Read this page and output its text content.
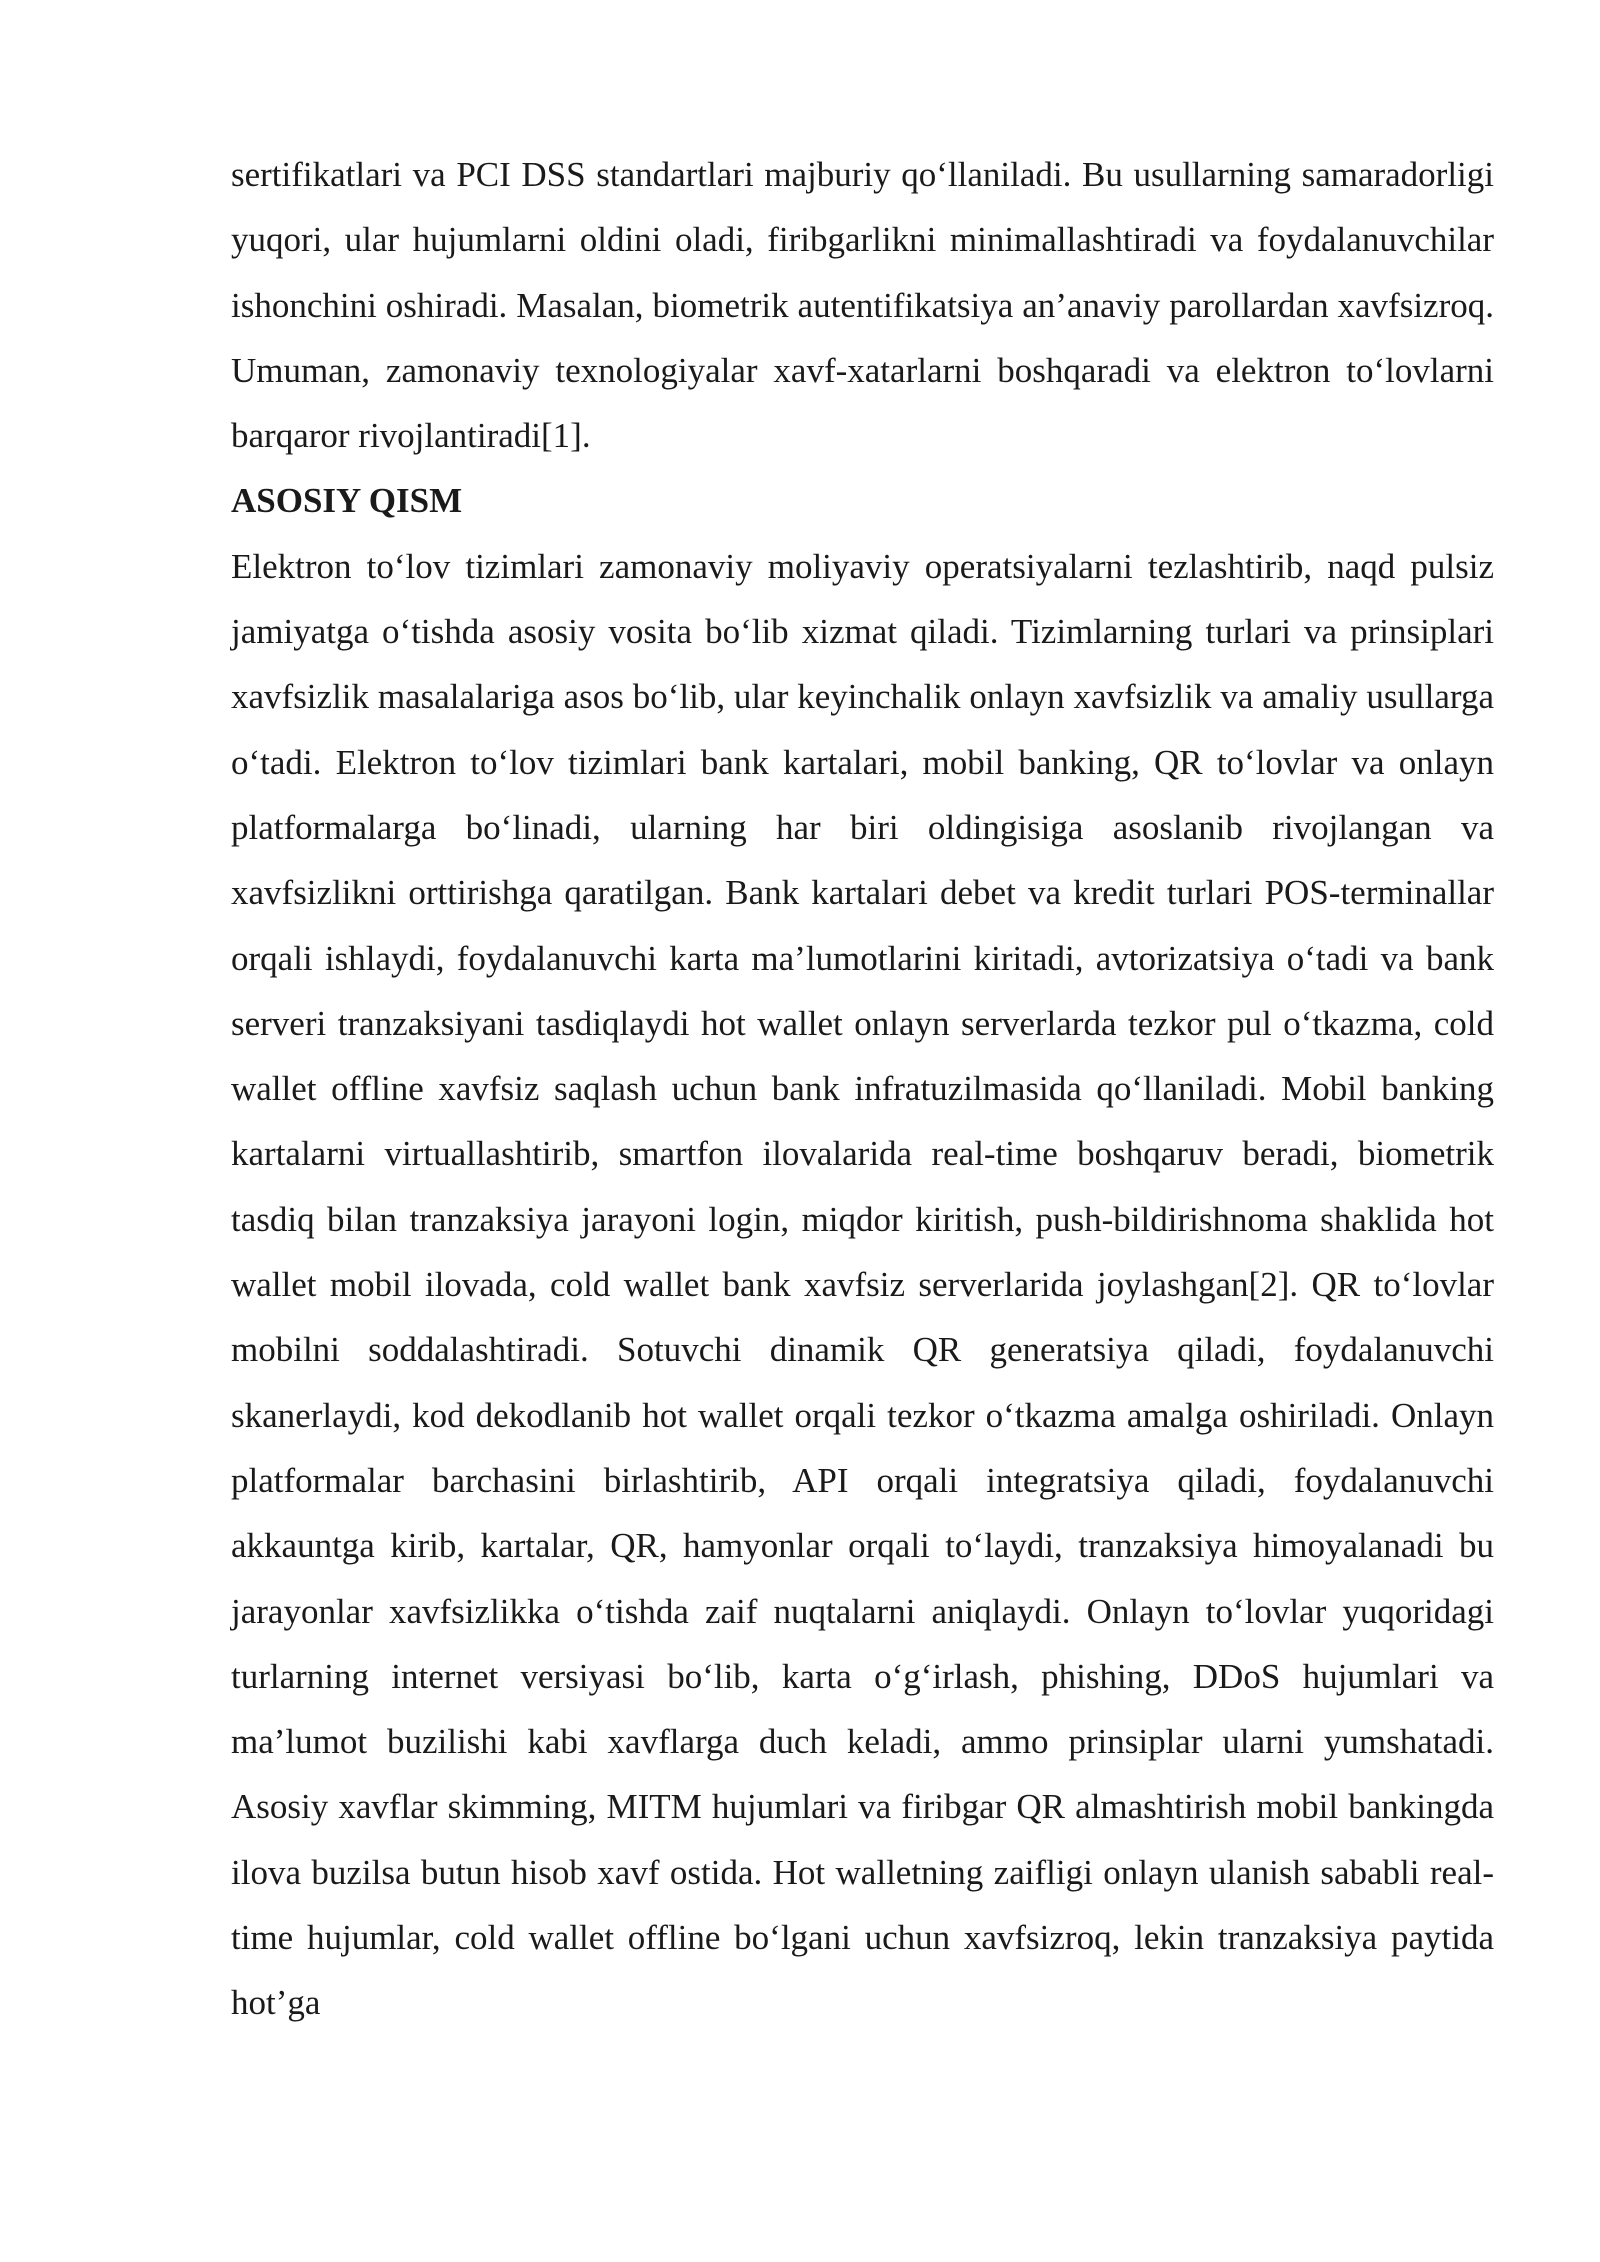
sertifikatlari va PCI DSS standartlari majburiy qo‘llaniladi. Bu usullarning samaradorligi yuqori, ular hujumlarni oldini oladi, firibgarlikni minimallashtiradi va foydalanuvchilar ishonchini oshiradi. Masalan, biometrik autentifikatsiya an’anaviy parollardan xavfsizroq. Umuman, zamonaviy texnologiyalar xavf-xatarlarni boshqaradi va elektron to‘lovlarni barqaror rivojlantiradi[1].

ASOSIY QISM

Elektron to‘lov tizimlari zamonaviy moliyaviy operatsiyalarni tezlashtirib, naqd pulsiz jamiyatga o‘tishda asosiy vosita bo‘lib xizmat qiladi. Tizimlarning turlari va prinsiplari xavfsizlik masalalariga asos bo‘lib, ular keyinchalik onlayn xavfsizlik va amaliy usullarga o‘tadi. Elektron to‘lov tizimlari bank kartalari, mobil banking, QR to‘lovlar va onlayn platformalarga bo‘linadi, ularning har biri oldingisiga asoslanib rivojlangan va xavfsizlikni orttirishga qaratilgan. Bank kartalari debet va kredit turlari POS-terminallar orqali ishlaydi, foydalanuvchi karta ma’lumotlarini kiritadi, avtorizatsiya o‘tadi va bank serveri tranzaksiyani tasdiqlaydi hot wallet onlayn serverlarda tezkor pul o‘tkazma, cold wallet offline xavfsiz saqlash uchun bank infratuzilmasida qo‘llaniladi. Mobil banking kartalarni virtuallashtirib, smartfon ilovalarida real-time boshqaruv beradi, biometrik tasdiq bilan tranzaksiya jarayoni login, miqdor kiritish, push-bildirishnoma shaklida hot wallet mobil ilovada, cold wallet bank xavfsiz serverlarida joylashgan[2]. QR to‘lovlar mobilni soddalashtiradi. Sotuvchi dinamik QR generatsiya qiladi, foydalanuvchi skanerlaydi, kod dekodlanib hot wallet orqali tezkor o‘tkazma amalga oshiriladi. Onlayn platformalar barchasini birlashtirib, API orqali integratsiya qiladi, foydalanuvchi akkauntga kirib, kartalar, QR, hamyonlar orqali to‘laydi, tranzaksiya himoyalanadi bu jarayonlar xavfsizlikka o‘tishda zaif nuqtalarni aniqlaydi. Onlayn to‘lovlar yuqoridagi turlarning internet versiyasi bo‘lib, karta o‘g‘irlash, phishing, DDoS hujumlari va ma’lumot buzilishi kabi xavflarga duch keladi, ammo prinsiplar ularni yumshatadi. Asosiy xavflar skimming, MITM hujumlari va firibgar QR almashtirish mobil bankingda ilova buzilsa butun hisob xavf ostida. Hot walletning zaifligi onlayn ulanish sababli real-time hujumlar, cold wallet offline bo‘lgani uchun xavfsizroq, lekin tranzaksiya paytida hot’ga
